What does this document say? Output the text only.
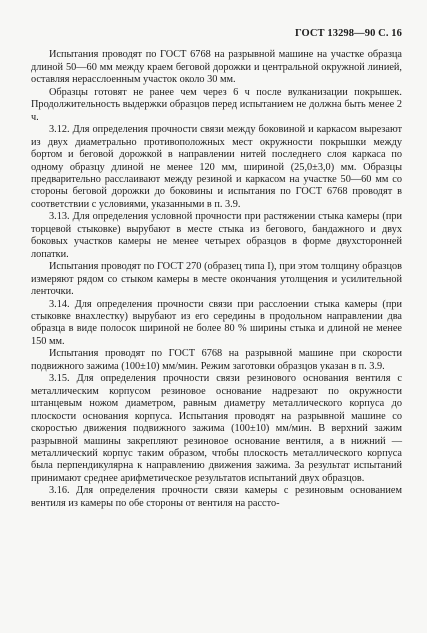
ГОСТ 13298—90 С. 16

Испытания проводят по ГОСТ 6768 на разрывной машине на участке образца длиной 50—60 мм между краем беговой дорожки и центральной окружной линией, оставляя нерасслоенным участок около 30 мм.

Образцы готовят не ранее чем через 6 ч после вулканизации покрышек. Продолжительность выдержки образцов перед испытанием не должна быть менее 2 ч.

3.12. Для определения прочности связи между боковиной и каркасом вырезают из двух диаметрально противоположных мест окружности покрышки между бортом и беговой дорожкой в направлении нитей последнего слоя каркаса по одному образцу длиной не менее 120 мм, шириной (25,0±3,0) мм. Образцы предварительно расслаивают между резиной и каркасом на участке 50—60 мм со стороны беговой дорожки до боковины и испытания по ГОСТ 6768 проводят в соответствии с условиями, указанными в п. 3.9.

3.13. Для определения условной прочности при растяжении стыка камеры (при торцевой стыковке) вырубают в месте стыка из бегового, бандажного и двух боковых участков камеры не менее четырех образцов в форме двухсторонней лопатки.

Испытания проводят по ГОСТ 270 (образец типа I), при этом толщину образцов измеряют рядом со стыком камеры в месте окончания утолщения и усилительной ленточки.

3.14. Для определения прочности связи при расслоении стыка камеры (при стыковке внахлестку) вырубают из его середины в продольном направлении два образца в виде полосок шириной не более 80 % ширины стыка и длиной не менее 150 мм.

Испытания проводят по ГОСТ 6768 на разрывной машине при скорости подвижного зажима (100±10) мм/мин. Режим заготовки образцов указан в п. 3.9.

3.15. Для определения прочности связи резинового основания вентиля с металлическим корпусом резиновое основание надрезают по окружности штанцевым ножом диаметром, равным диаметру металлического корпуса до плоскости основания корпуса. Испытания проводят на разрывной машине со скоростью движения подвижного зажима (100±10) мм/мин. В верхний зажим разрывной машины закрепляют резиновое основание вентиля, а в нижний — металлический корпус таким образом, чтобы плоскость металлического корпуса была перпендикулярна к направлению движения зажима. За результат испытаний принимают среднее арифметическое результатов испытаний двух образцов.

3.16. Для определения прочности связи камеры с резиновым основанием вентиля из камеры по обе стороны от вентиля на рассто-
